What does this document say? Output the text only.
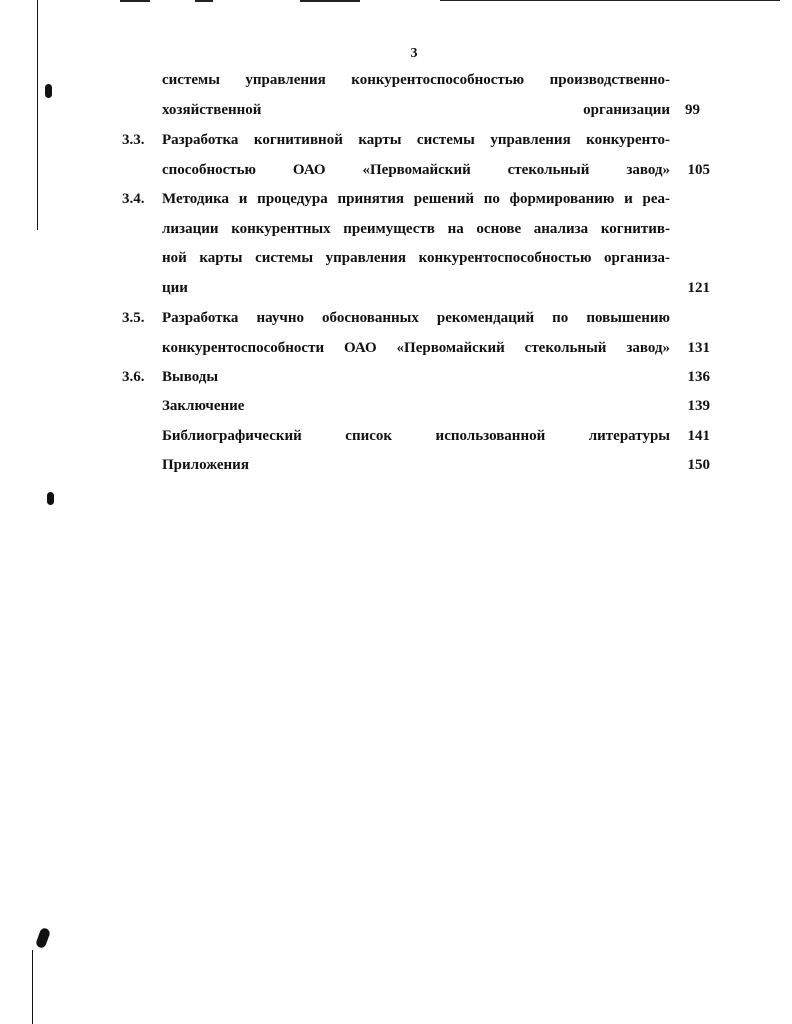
3
системы управления конкурентоспособностью производственно-
хозяйственной организации	99
3.3. Разработка когнитивной карты системы управления конкуренто-
способностью ОАО «Первомайский стекольный завод»	105
3.4. Методика и процедура принятия решений по формированию и реа-
лизации конкурентных преимуществ на основе анализа когнитив-
ной карты системы управления конкурентоспособностью организа-
ции	121
3.5. Разработка научно обоснованных рекомендаций по повышению
конкурентоспособности ОАО «Первомайский стекольный завод»	131
3.6. Выводы	136
Заключение	139
Библиографический список использованной литературы	141
Приложения	150
